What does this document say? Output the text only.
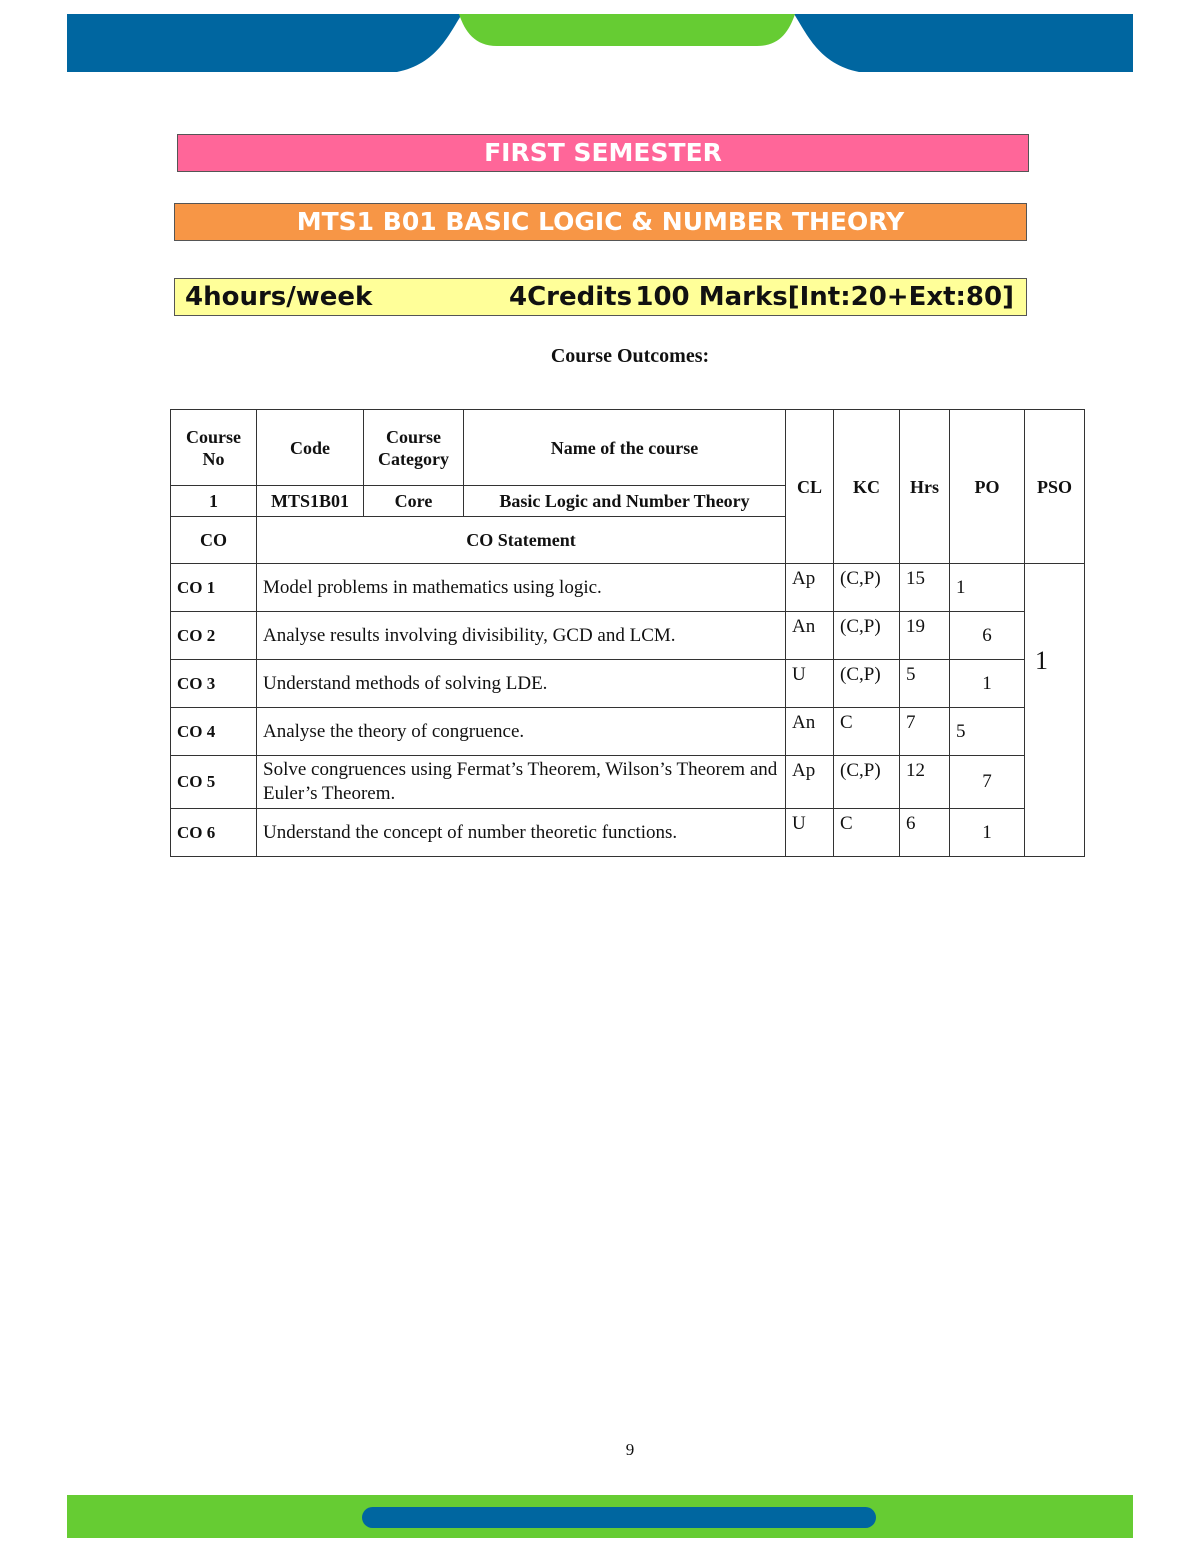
FIRST SEMESTER
MTS1 B01 BASIC LOGIC & NUMBER THEORY
4hours/week	4Credits 100 Marks[Int:20+Ext:80]
Course Outcomes:
Course No	Code	Course Category	Name of the course	CL	KC	Hrs	PO	PSO
1	MTS1B01	Core	Basic Logic and Number Theory					
CO	CO Statement							
CO 1	Model problems in mathematics using logic.			Ap	(C,P)	15	1	1
CO 2	Analyse results involving divisibility, GCD and LCM.			An	(C,P)	19	6	
CO 3	Understand methods of solving LDE.			U	(C,P)	5	1	
CO 4	Analyse the theory of congruence.			An	C	7	5	
CO 5	Solve congruences using Fermat’s Theorem, Wilson’s Theorem and Euler’s Theorem.			Ap	(C,P)	12	7	
CO 6	Understand the concept of number theoretic functions.			U	C	6	1	
9
